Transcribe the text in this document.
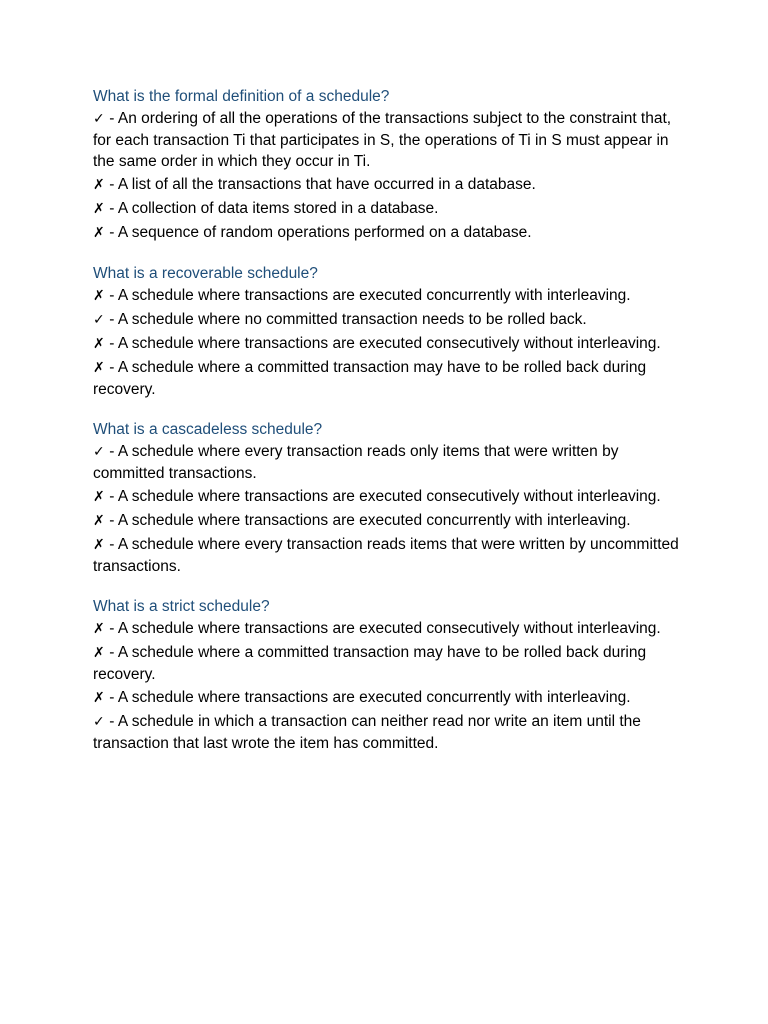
What is the formal definition of a schedule?
✓ - An ordering of all the operations of the transactions subject to the constraint that, for each transaction Ti that participates in S, the operations of Ti in S must appear in the same order in which they occur in Ti.
✗ - A list of all the transactions that have occurred in a database.
✗ - A collection of data items stored in a database.
✗ - A sequence of random operations performed on a database.
What is a recoverable schedule?
✗ - A schedule where transactions are executed concurrently with interleaving.
✓ - A schedule where no committed transaction needs to be rolled back.
✗ - A schedule where transactions are executed consecutively without interleaving.
✗ - A schedule where a committed transaction may have to be rolled back during recovery.
What is a cascadeless schedule?
✓ - A schedule where every transaction reads only items that were written by committed transactions.
✗ - A schedule where transactions are executed consecutively without interleaving.
✗ - A schedule where transactions are executed concurrently with interleaving.
✗ - A schedule where every transaction reads items that were written by uncommitted transactions.
What is a strict schedule?
✗ - A schedule where transactions are executed consecutively without interleaving.
✗ - A schedule where a committed transaction may have to be rolled back during recovery.
✗ - A schedule where transactions are executed concurrently with interleaving.
✓ - A schedule in which a transaction can neither read nor write an item until the transaction that last wrote the item has committed.
